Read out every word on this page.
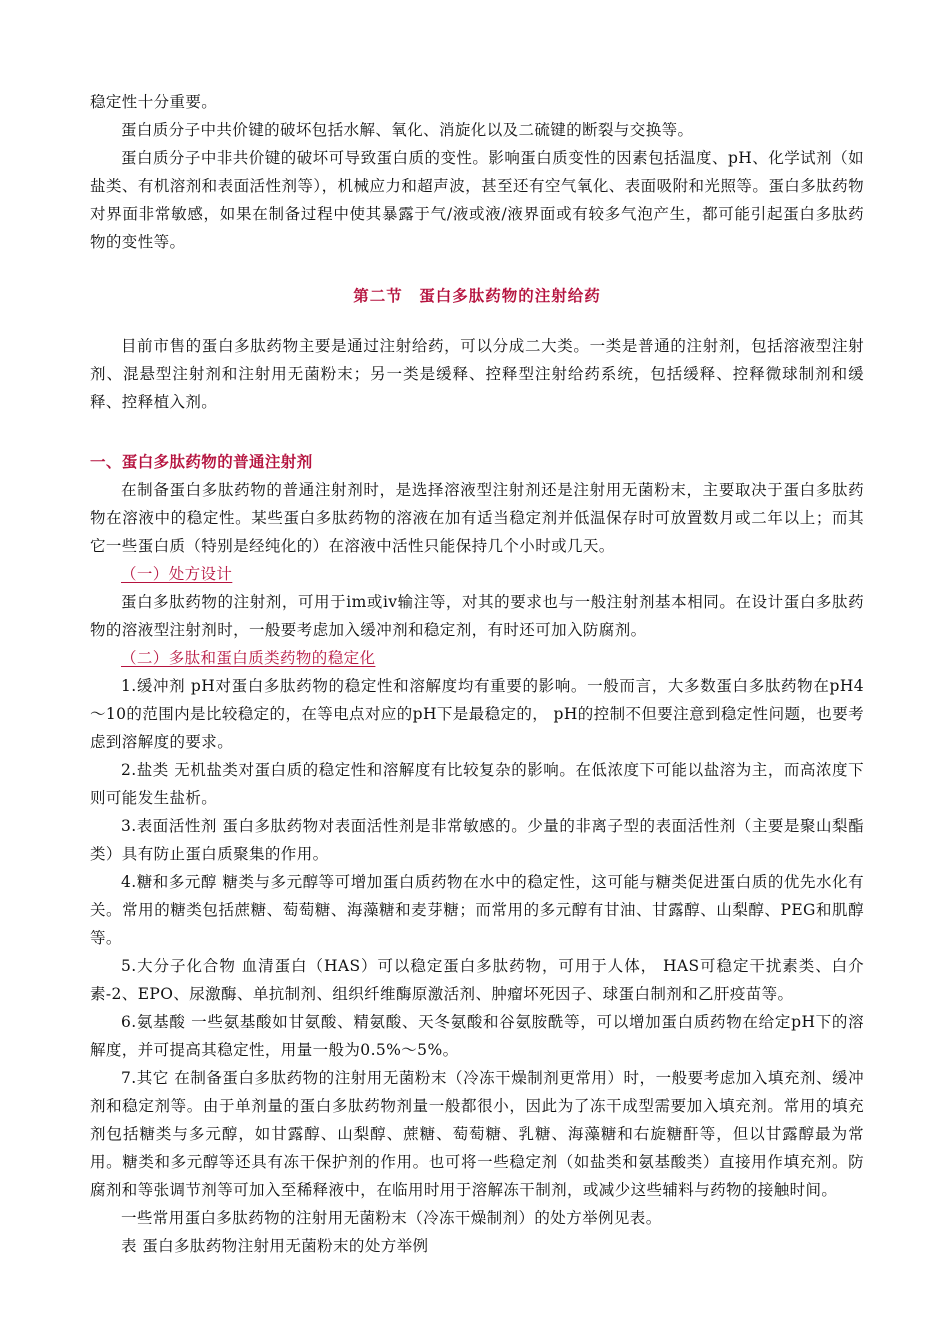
稳定性十分重要。

蛋白质分子中共价键的破坏包括水解、氧化、消旋化以及二硫键的断裂与交换等。

蛋白质分子中非共价键的破坏可导致蛋白质的变性。影响蛋白质变性的因素包括温度、pH、化学试剂（如盐类、有机溶剂和表面活性剂等），机械应力和超声波，甚至还有空气氧化、表面吸附和光照等。蛋白多肽药物对界面非常敏感，如果在制备过程中使其暴露于气/液或液/液界面或有较多气泡产生，都可能引起蛋白多肽药物的变性等。

第二节　蛋白多肽药物的注射给药

目前市售的蛋白多肽药物主要是通过注射给药，可以分成二大类。一类是普通的注射剂，包括溶液型注射剂、混悬型注射剂和注射用无菌粉末；另一类是缓释、控释型注射给药系统，包括缓释、控释微球制剂和缓释、控释植入剂。

一、蛋白多肽药物的普通注射剂

在制备蛋白多肽药物的普通注射剂时，是选择溶液型注射剂还是注射用无菌粉末，主要取决于蛋白多肽药物在溶液中的稳定性。某些蛋白多肽药物的溶液在加有适当稳定剂并低温保存时可放置数月或二年以上；而其它一些蛋白质（特别是经纯化的）在溶液中活性只能保持几个小时或几天。

（一）处方设计

蛋白多肽药物的注射剂，可用于im或iv输注等，对其的要求也与一般注射剂基本相同。在设计蛋白多肽药物的溶液型注射剂时，一般要考虑加入缓冲剂和稳定剂，有时还可加入防腐剂。

（二）多肽和蛋白质类药物的稳定化

1.缓冲剂 pH对蛋白多肽药物的稳定性和溶解度均有重要的影响。一般而言，大多数蛋白多肽药物在pH4～10的范围内是比较稳定的，在等电点对应的pH下是最稳定的， pH的控制不但要注意到稳定性问题，也要考虑到溶解度的要求。

2.盐类 无机盐类对蛋白质的稳定性和溶解度有比较复杂的影响。在低浓度下可能以盐溶为主，而高浓度下则可能发生盐析。

3.表面活性剂 蛋白多肽药物对表面活性剂是非常敏感的。少量的非离子型的表面活性剂（主要是聚山梨酯类）具有防止蛋白质聚集的作用。

4.糖和多元醇 糖类与多元醇等可增加蛋白质药物在水中的稳定性，这可能与糖类促进蛋白质的优先水化有关。常用的糖类包括蔗糖、萄萄糖、海藻糖和麦芽糖；而常用的多元醇有甘油、甘露醇、山梨醇、PEG和肌醇等。

5.大分子化合物 血清蛋白（HAS）可以稳定蛋白多肽药物，可用于人体， HAS可稳定干扰素类、白介素-2、EPO、尿激酶、单抗制剂、组织纤维酶原激活剂、肿瘤坏死因子、球蛋白制剂和乙肝疫苗等。

6.氨基酸 一些氨基酸如甘氨酸、精氨酸、天冬氨酸和谷氨胺酰等，可以增加蛋白质药物在给定pH下的溶解度，并可提高其稳定性，用量一般为0.5%～5%。

7.其它 在制备蛋白多肽药物的注射用无菌粉末（冷冻干燥制剂更常用）时，一般要考虑加入填充剂、缓冲剂和稳定剂等。由于单剂量的蛋白多肽药物剂量一般都很小，因此为了冻干成型需要加入填充剂。常用的填充剂包括糖类与多元醇，如甘露醇、山梨醇、蔗糖、萄萄糖、乳糖、海藻糖和右旋糖酐等，但以甘露醇最为常用。糖类和多元醇等还具有冻干保护剂的作用。也可将一些稳定剂（如盐类和氨基酸类）直接用作填充剂。防腐剂和等张调节剂等可加入至稀释液中，在临用时用于溶解冻干制剂，或减少这些辅料与药物的接触时间。

一些常用蛋白多肽药物的注射用无菌粉末（冷冻干燥制剂）的处方举例见表。

表 蛋白多肽药物注射用无菌粉末的处方举例
